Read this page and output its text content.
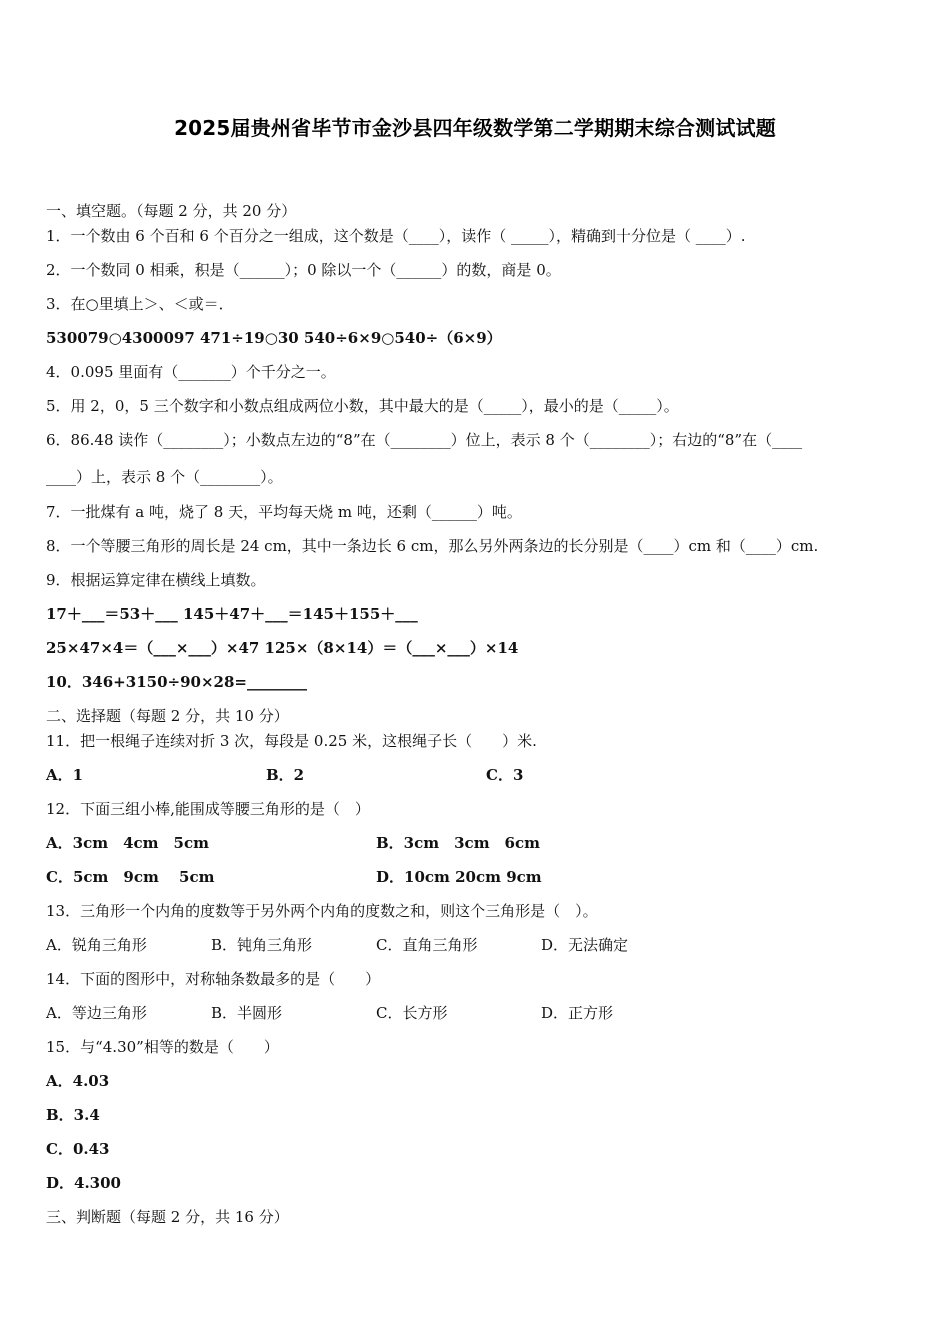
2025届贵州省毕节市金沙县四年级数学第二学期期末综合测试试题
一、填空题。（每题 2 分，共 20 分）
1．一个数由 6 个百和 6 个百分之一组成，这个数是（____），读作（ _____），精确到十分位是（ ____）.
2．一个数同 0 相乘，积是（______）；0 除以一个（______）的数，商是 0。
3．在○里填上＞、＜或＝．
530079○4300097 471÷19○30 540÷6×9○540÷（6×9）
4．0.095 里面有（_______）个千分之一。
5．用 2，0，5 三个数字和小数点组成两位小数，其中最大的是（_____），最小的是（_____）。
6．86.48 读作（________）；小数点左边的“8”在（________）位上，表示 8 个（________）；右边的“8”在（____
____）上，表示 8 个（________）。
7．一批煤有 a 吨，烧了 8 天，平均每天烧 m 吨，还剩（______）吨。
8．一个等腰三角形的周长是 24 cm，其中一条边长 6 cm，那么另外两条边的长分别是（____）cm 和（____）cm.
9．根据运算定律在横线上填数。
17＋___＝53＋___ 145＋47＋___＝145＋155＋___
25×47×4＝（___×___）×47 125×（8×14）＝（___×___）×14
10．346+3150÷90×28=________
二、选择题（每题 2 分，共 10 分）
11．把一根绳子连续对折 3 次，每段是 0.25 米，这根绳子长（　　）米.
A．1	B．2	C．3
12．下面三组小棒,能围成等腰三角形的是（　）
A．3cm　4cm　5cm	B．3cm　3cm　6cm
C．5cm　9cm　 5cm	D．10cm 20cm 9cm
13．三角形一个内角的度数等于另外两个内角的度数之和，则这个三角形是（　）。
A．锐角三角形	B．钝角三角形	C．直角三角形	D．无法确定
14．下面的图形中，对称轴条数最多的是（　　）
A．等边三角形	B．半圆形	C．长方形	D．正方形
15．与“4.30”相等的数是（　　）
A．4.03
B．3.4
C．0.43
D．4.300
三、判断题（每题 2 分，共 16 分）
